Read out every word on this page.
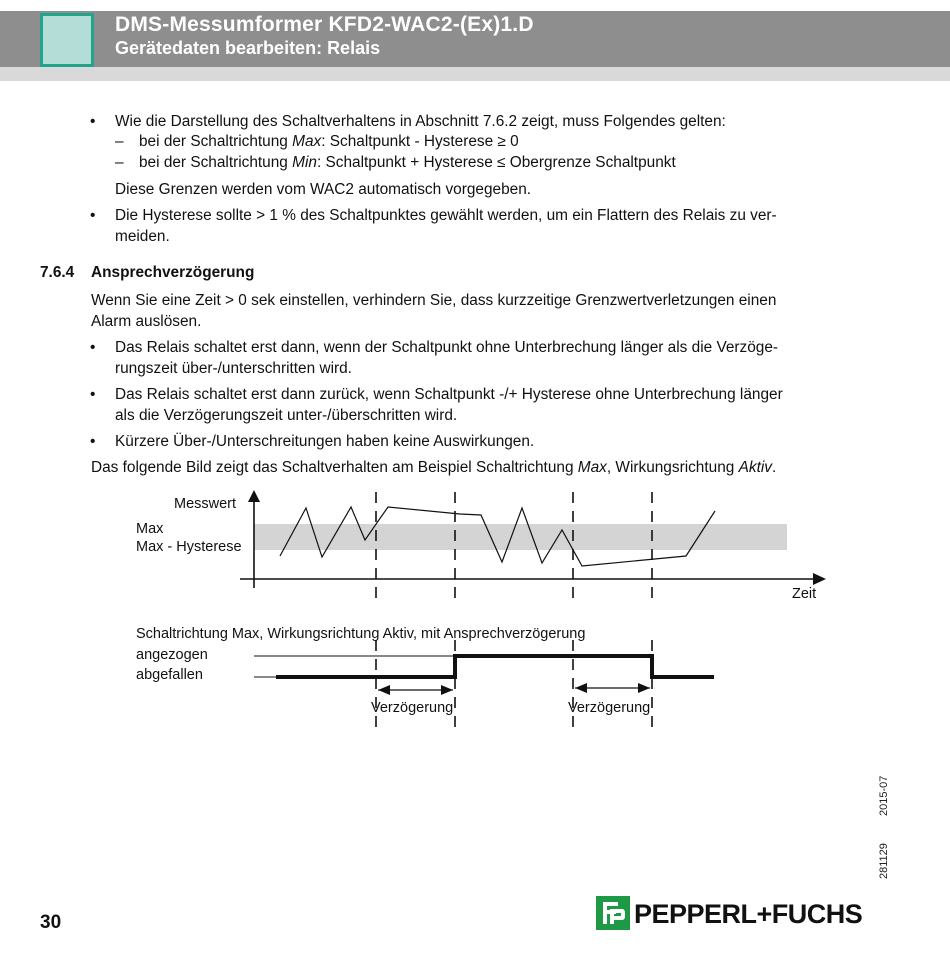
DMS-Messumformer KFD2-WAC2-(Ex)1.D
Gerätedaten bearbeiten: Relais
• Wie die Darstellung des Schaltverhaltens in Abschnitt 7.6.2 zeigt, muss Folgendes gelten:
– bei der Schaltrichtung Max: Schaltpunkt - Hysterese ≥ 0
– bei der Schaltrichtung Min: Schaltpunkt + Hysterese ≤ Obergrenze Schaltpunkt
Diese Grenzen werden vom WAC2 automatisch vorgegeben.
• Die Hysterese sollte > 1 % des Schaltpunktes gewählt werden, um ein Flattern des Relais zu ver-
meiden.
7.6.4 Ansprechverzögerung
Wenn Sie eine Zeit > 0 sek einstellen, verhindern Sie, dass kurzzeitige Grenzwertverletzungen einen
Alarm auslösen.
• Das Relais schaltet erst dann, wenn der Schaltpunkt ohne Unterbrechung länger als die Verzöge-
rungszeit über-/unterschritten wird.
• Das Relais schaltet erst dann zurück, wenn Schaltpunkt -/+ Hysterese ohne Unterbrechung länger
als die Verzögerungszeit unter-/überschritten wird.
• Kürzere Über-/Unterschreitungen haben keine Auswirkungen.
Das folgende Bild zeigt das Schaltverhalten am Beispiel Schaltrichtung Max, Wirkungsrichtung Aktiv.
Messwert
Max
Max - Hysterese
Zeit
Schaltrichtung Max, Wirkungsrichtung Aktiv, mit Ansprechverzögerung
angezogen
abgefallen
Verzögerung	Verzögerung
2015-07
281129
30	PEPPERL+FUCHS
